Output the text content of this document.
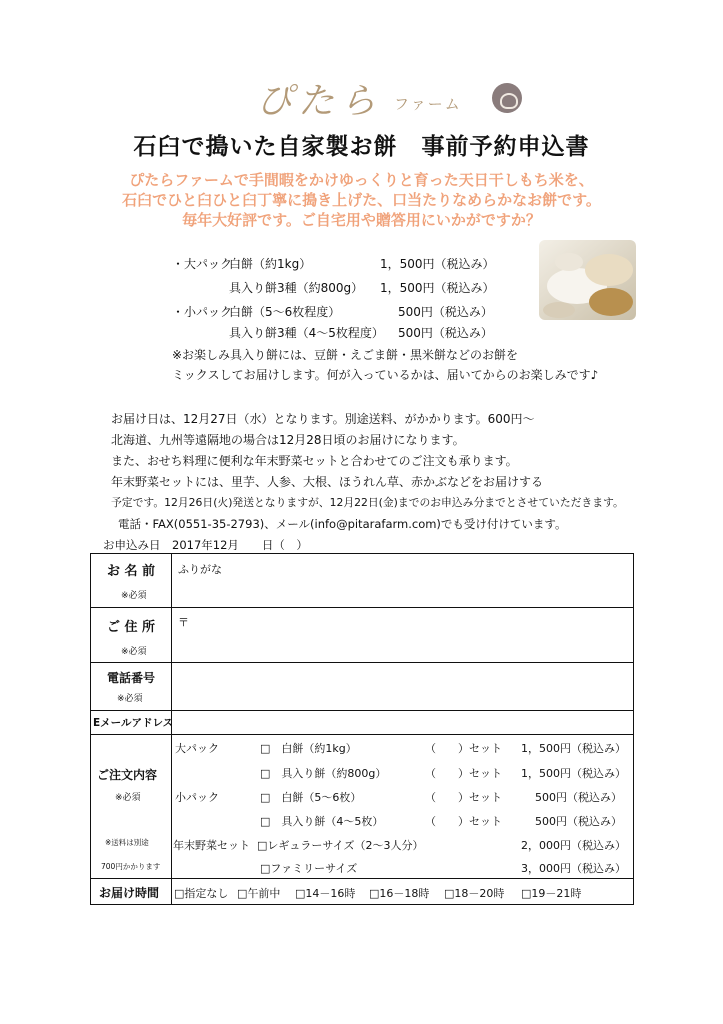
ぴたら ファーム
石臼で搗いた自家製お餅　事前予約申込書
ぴたらファームで手間暇をかけゆっくりと育った天日干しもち米を、
石臼でひと臼ひと臼丁寧に搗き上げた、口当たりなめらかなお餅です。
毎年大好評です。ご自宅用や贈答用にいかがですか？
・大パック
白餅（約1kg）	1，500円（税込み）
具入り餅3種（約800g） 1，500円（税込み）
・小パック
白餅（5～6枚程度）	500円（税込み）
具入り餅3種（4～5枚程度） 500円（税込み）
※お楽しみ具入り餅には、豆餅・えごま餅・黒米餅などのお餅を
ミックスしてお届けします。何が入っているかは、届いてからのお楽しみです♪
お届け日は、12月27日（水）となります。別途送料、がかかります。600円～
北海道、九州等遠隔地の場合は12月28日頃のお届けになります。
また、おせち料理に便利な年末野菜セットと合わせてのご注文も承ります。
年末野菜セットには、里芋、人参、大根、ほうれん草、赤かぶなどをお届けする
予定です。12月26日(火)発送となりますが、12月22日(金)までのお申込み分までとさせていただきます。
電話・FAX(0551-35-2793)、メール(info@pitarafarm.com)でも受け付けています。
お申込み日　2017年12月　　日（　）
お 名 前
※必須
ふりがな
ご 住 所
※必須
〒
電話番号
※必須
Eメールアドレス
ご注文内容
※必須
※送料は別途
700円かかります
大パック	□　白餅（約1kg）	（　　）セット 1，500円（税込み）
□　具入り餅（約800g）	（　　）セット 1，500円（税込み）
小パック	□　白餅（5～6枚）	（　　）セット	500円（税込み）
□　具入り餅（4～5枚）	（　　）セット	500円（税込み）
年末野菜セット □レギュラーサイズ（2～3人分）	2，000円（税込み）
□ファミリーサイズ	3，000円（税込み）
お届け時間 □指定なし □午前中 □14－16時 □16－18時 □18－20時 □19－21時
